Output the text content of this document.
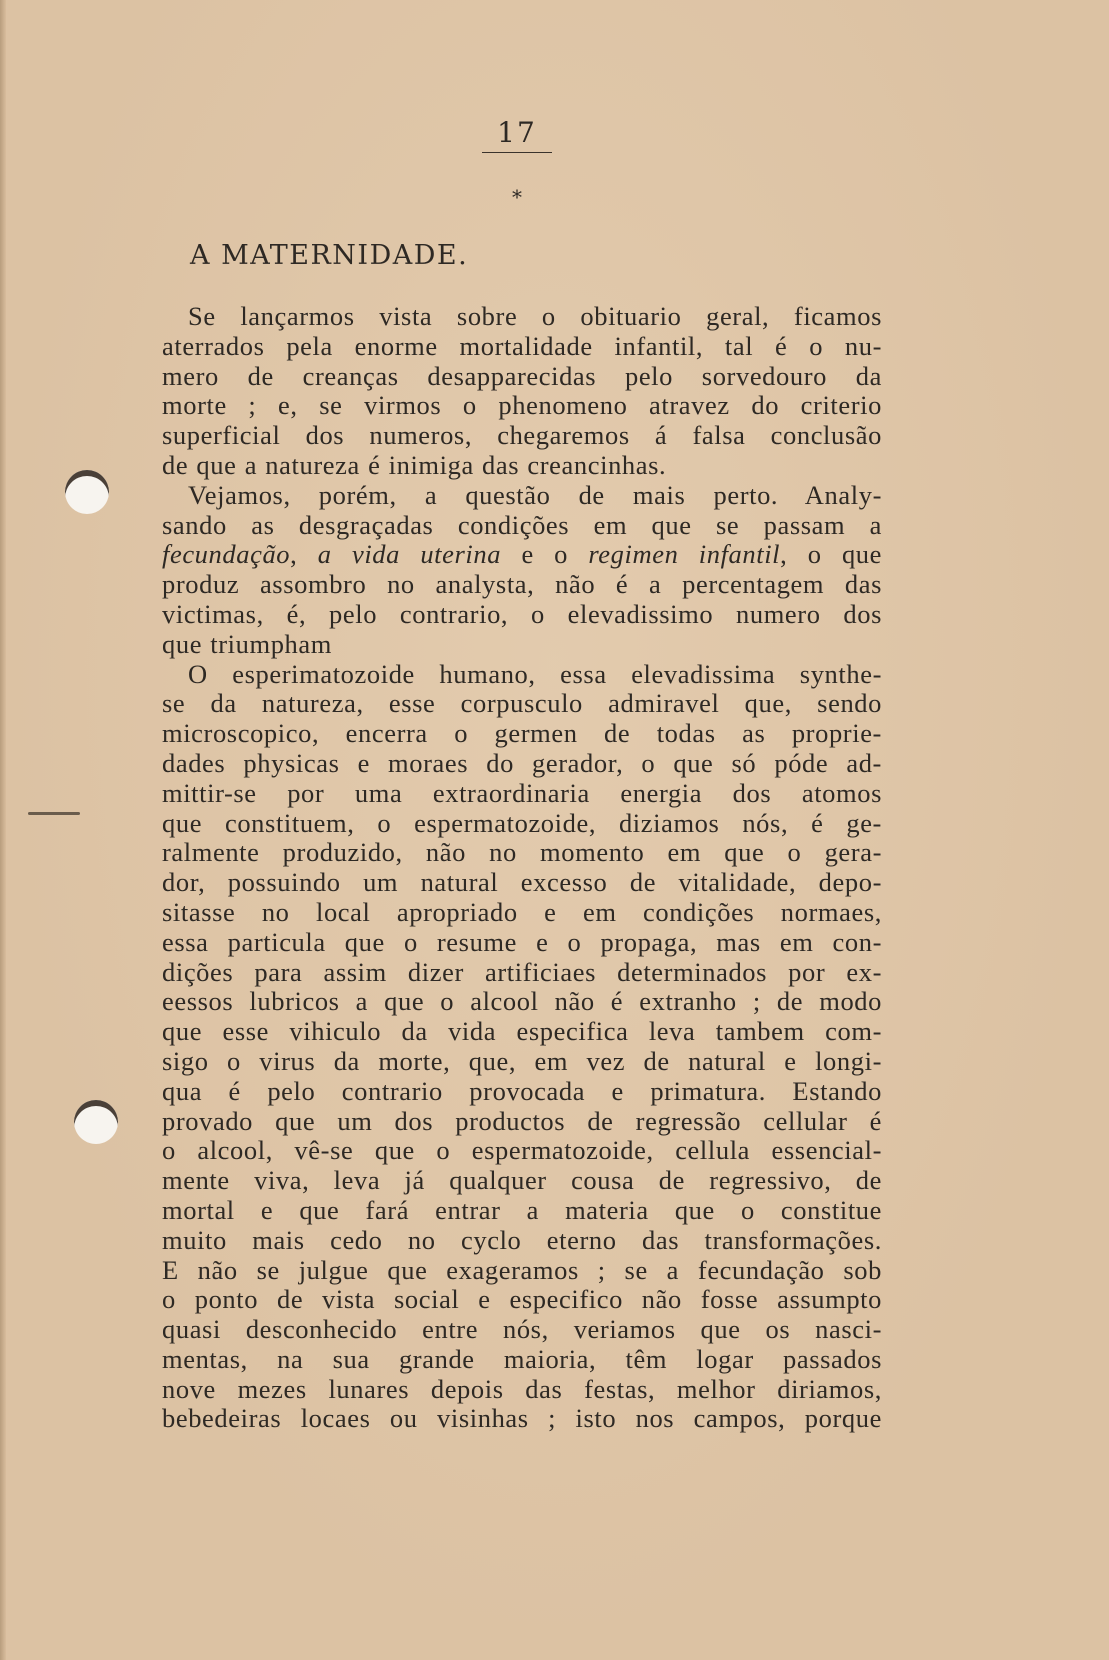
17
*
A MATERNIDADE.
Se lançarmos vista sobre o obituario geral, ficamos
aterrados pela enorme mortalidade infantil, tal é o nu-
mero de creanças desapparecidas pelo sorvedouro da
morte ; e, se virmos o phenomeno atravez do criterio
superficial dos numeros, chegaremos á falsa conclusão
de que a natureza é inimiga das creancinhas.
Vejamos, porém, a questão de mais perto. Analy-
sando as desgraçadas condições em que se passam a
fecundação, a vida uterina e o regimen infantil, o que
produz assombro no analysta, não é a percentagem das
victimas, é, pelo contrario, o elevadissimo numero dos
que triumpham
O esperimatozoide humano, essa elevadissima synthe-
se da natureza, esse corpusculo admiravel que, sendo
microscopico, encerra o germen de todas as proprie-
dades physicas e moraes do gerador, o que só póde ad-
mittir-se por uma extraordinaria energia dos atomos
que constituem, o espermatozoide, diziamos nós, é ge-
ralmente produzido, não no momento em que o gera-
dor, possuindo um natural excesso de vitalidade, depo-
sitasse no local apropriado e em condições normaes,
essa particula que o resume e o propaga, mas em con-
dições para assim dizer artificiaes determinados por ex-
eessos lubricos a que o alcool não é extranho ; de modo
que esse vihiculo da vida especifica leva tambem com-
sigo o virus da morte, que, em vez de natural e longi-
qua é pelo contrario provocada e primatura. Estando
provado que um dos productos de regressão cellular é
o alcool, vê-se que o espermatozoide, cellula essencial-
mente viva, leva já qualquer cousa de regressivo, de
mortal e que fará entrar a materia que o constitue
muito mais cedo no cyclo eterno das transformações.
E não se julgue que exageramos ; se a fecundação sob
o ponto de vista social e especifico não fosse assumpto
quasi desconhecido entre nós, veriamos que os nasci-
mentas, na sua grande maioria, têm logar passados
nove mezes lunares depois das festas, melhor diriamos,
bebedeiras locaes ou visinhas ; isto nos campos, porque
